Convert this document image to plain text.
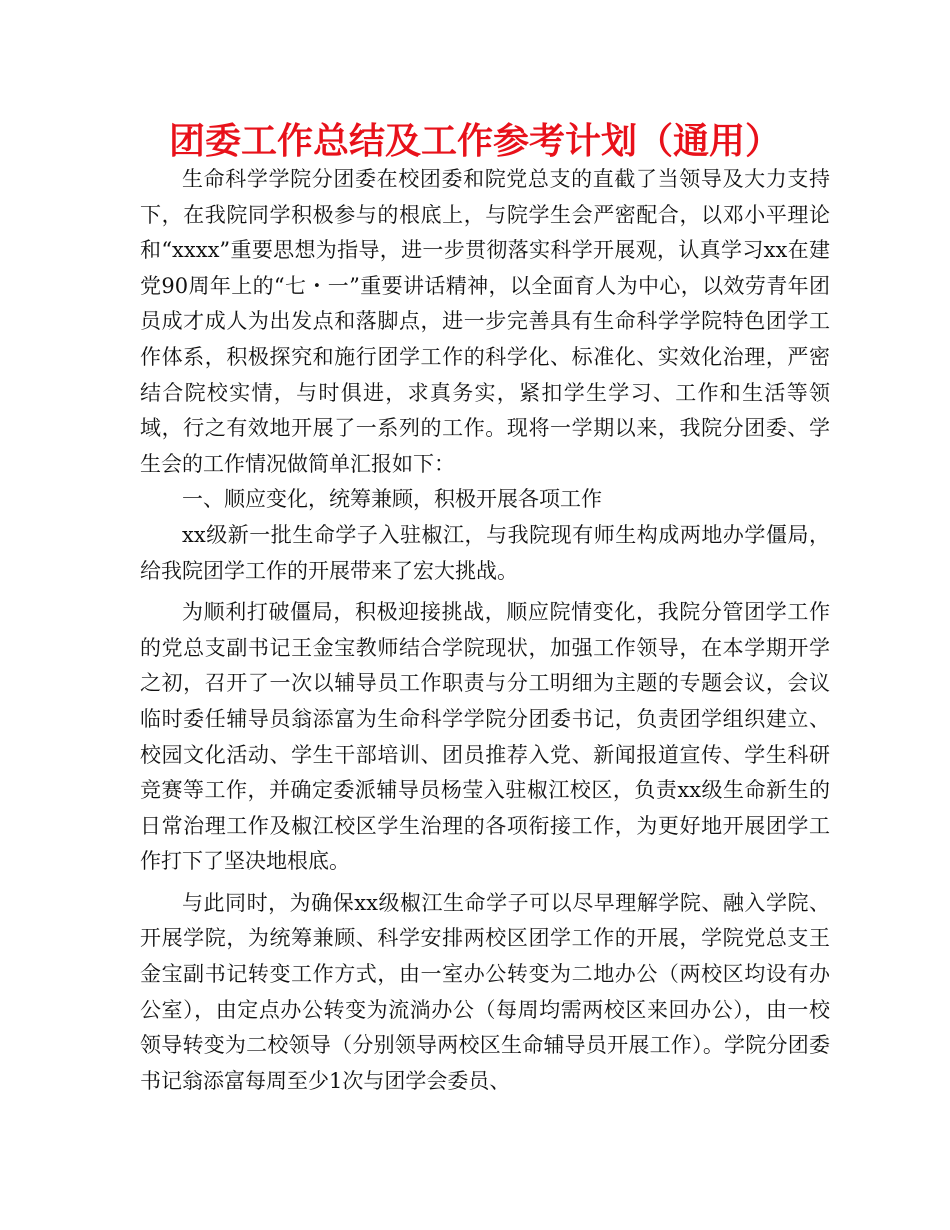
团委工作总结及工作参考计划（通用）

生命科学学院分团委在校团委和院党总支的直截了当领导及大力支持下，在我院同学积极参与的根底上，与院学生会严密配合，以邓小平理论和“xxxx”重要思想为指导，进一步贯彻落实科学开展观，认真学习xx在建党90周年上的“七・一”重要讲话精神，以全面育人为中心，以效劳青年团员成才成人为出发点和落脚点，进一步完善具有生命科学学院特色团学工作体系，积极探究和施行团学工作的科学化、标准化、实效化治理，严密结合院校实情，与时俱进，求真务实，紧扣学生学习、工作和生活等领域，行之有效地开展了一系列的工作。现将一学期以来，我院分团委、学生会的工作情况做简单汇报如下：

一、顺应变化，统筹兼顾，积极开展各项工作

xx级新一批生命学子入驻椒江，与我院现有师生构成两地办学僵局，给我院团学工作的开展带来了宏大挑战。

为顺利打破僵局，积极迎接挑战，顺应院情变化，我院分管团学工作的党总支副书记王金宝教师结合学院现状，加强工作领导，在本学期开学之初，召开了一次以辅导员工作职责与分工明细为主题的专题会议，会议临时委任辅导员翁添富为生命科学学院分团委书记，负责团学组织建立、校园文化活动、学生干部培训、团员推荐入党、新闻报道宣传、学生科研竞赛等工作，并确定委派辅导员杨莹入驻椒江校区，负责xx级生命新生的日常治理工作及椒江校区学生治理的各项衔接工作，为更好地开展团学工作打下了坚决地根底。

与此同时，为确保xx级椒江生命学子可以尽早理解学院、融入学院、开展学院，为统筹兼顾、科学安排两校区团学工作的开展，学院党总支王金宝副书记转变工作方式，由一室办公转变为二地办公（两校区均设有办公室），由定点办公转变为流淌办公（每周均需两校区来回办公），由一校领导转变为二校领导（分别领导两校区生命辅导员开展工作）。学院分团委书记翁添富每周至少1次与团学会委员、
